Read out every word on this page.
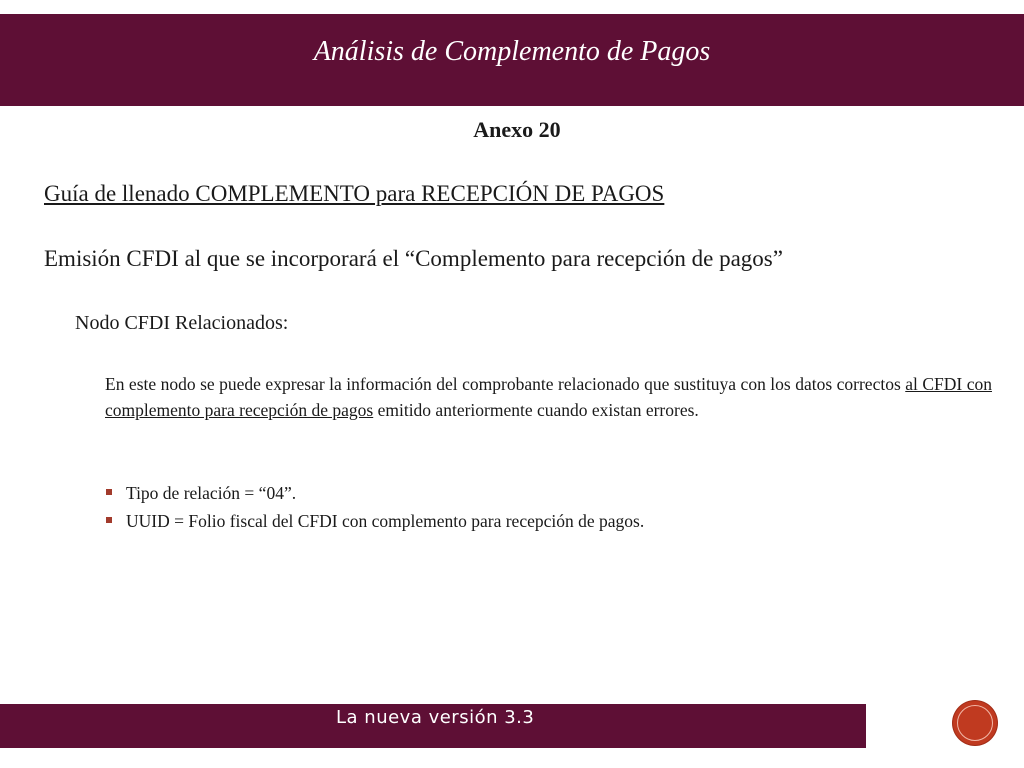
Análisis de Complemento de Pagos
Anexo 20
Guía de llenado COMPLEMENTO para RECEPCIÓN DE PAGOS
Emisión CFDI al que se incorporará el “Complemento para recepción de pagos”
Nodo CFDI Relacionados:
En este nodo se puede expresar la información del comprobante relacionado que sustituya con los datos correctos al CFDI con complemento para recepción de pagos emitido anteriormente cuando existan errores.
Tipo de relación = “04”.
UUID = Folio fiscal del CFDI con complemento para recepción de pagos.
La nueva versión 3.3
